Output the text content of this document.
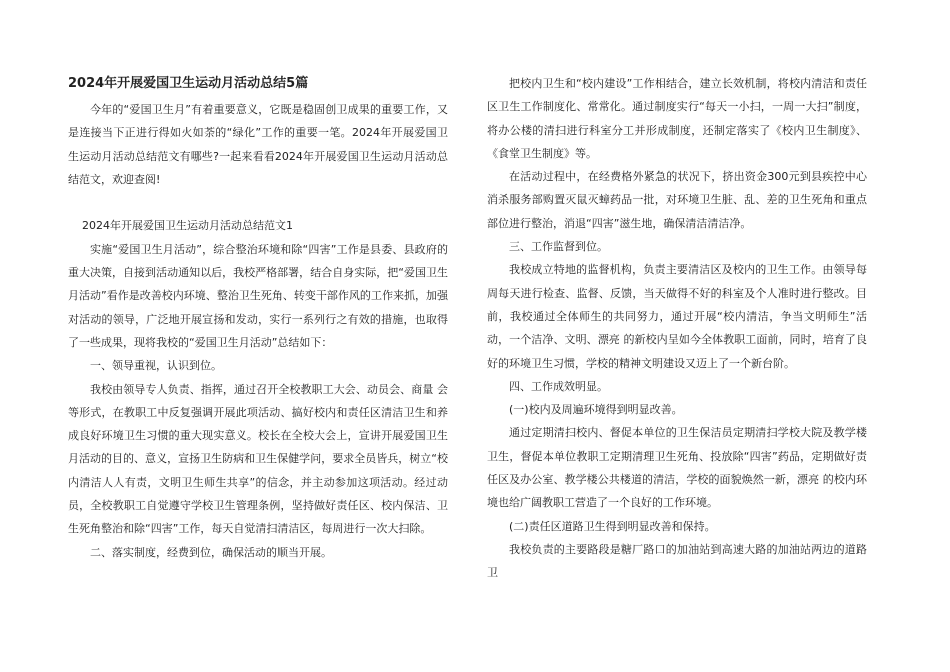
2024年开展爱国卫生运动月活动总结5篇

今年的“爱国卫生月”有着重要意义，它既是稳固创卫成果的重要工作，又是连接当下正进行得如火如荼的“绿化”工作的重要一笔。2024年开展爱国卫生运动月活动总结范文有哪些?一起来看看2024年开展爱国卫生运动月活动总结范文，欢迎查阅!

2024年开展爱国卫生运动月活动总结范文1

实施“爱国卫生月活动”，综合整治环境和除“四害”工作是县委、县政府的重大决策，自接到活动通知以后，我校严格部署，结合自身实际，把“爱国卫生月活动”看作是改善校内环境、整治卫生死角、转变干部作风的工作来抓，加强对活动的领导，广泛地开展宣扬和发动，实行一系列行之有效的措施，也取得了一些成果，现将我校的“爱国卫生月活动”总结如下：

一、领导重视，认识到位。

我校由领导专人负责、指挥，通过召开全校教职工大会、动员会、商量 会等形式，在教职工中反复强调开展此项活动、搞好校内和责任区清洁卫生和养成良好环境卫生习惯的重大现实意义。校长在全校大会上，宣讲开展爱国卫生月活动的目的、意义，宣扬卫生防病和卫生保健学问，要求全员皆兵，树立“校内清洁人人有责，文明卫生师生共享”的信念，并主动参加这项活动。经过动员，全校教职工自觉遵守学校卫生管理条例，坚持做好责任区、校内保洁、卫生死角整治和除“四害”工作，每天自觉清扫清洁区，每周进行一次大扫除。

二、落实制度，经费到位，确保活动的顺当开展。

把校内卫生和“校内建设”工作相结合，建立长效机制，将校内清洁和责任区卫生工作制度化、常常化。通过制度实行“每天一小扫，一周一大扫”制度，将办公楼的清扫进行科室分工并形成制度，还制定落实了《校内卫生制度》、《食堂卫生制度》等。

在活动过程中，在经费格外紧急的状况下，挤出资金300元到县疾控中心消杀服务部购置灭鼠灭蟑药品一批，对环境卫生脏、乱、差的卫生死角和重点部位进行整治，消退“四害”滋生地，确保清洁清洁净。

三、工作监督到位。

我校成立特地的监督机构，负责主要清洁区及校内的卫生工作。由领导每周每天进行检查、监督、反馈，当天做得不好的科室及个人准时进行整改。目前，我校通过全体师生的共同努力，通过开展“校内清洁，争当文明师生”活动，一个洁净、文明、漂亮 的新校内呈如今全体教职工面前，同时，培育了良好的环境卫生习惯，学校的精神文明建设又迈上了一个新台阶。

四、工作成效明显。

(一)校内及周遍环境得到明显改善。

通过定期清扫校内、督促本单位的卫生保洁员定期清扫学校大院及教学楼卫生，督促本单位教职工定期清理卫生死角、投放除“四害”药品，定期做好责任区及办公室、教学楼公共楼道的清洁，学校的面貌焕然一新，漂亮 的校内环境也给广阔教职工营造了一个良好的工作环境。

(二)责任区道路卫生得到明显改善和保持。

我校负责的主要路段是糖厂路口的加油站到高速大路的加油站两边的道路卫
